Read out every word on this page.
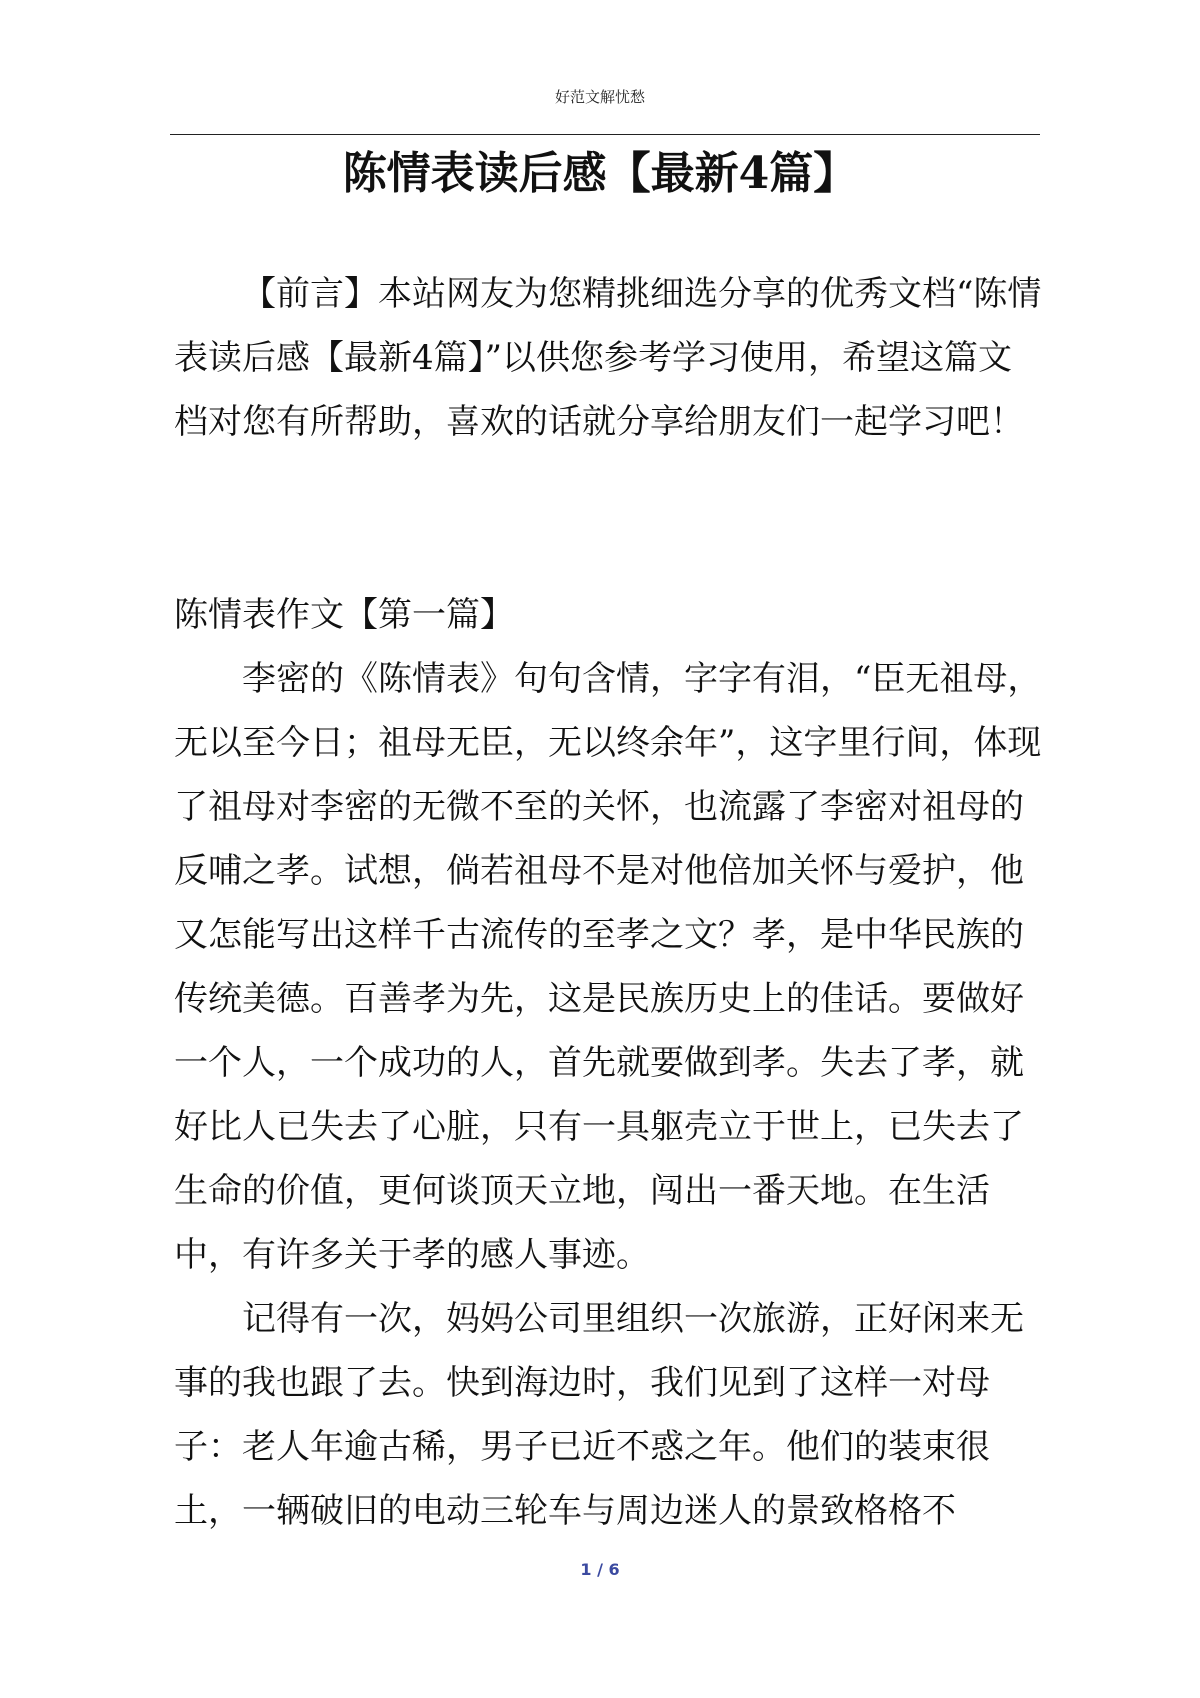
好范文解忧愁
陈情表读后感【最新4篇】

【前言】本站网友为您精挑细选分享的优秀文档“陈情表读后感【最新4篇】”以供您参考学习使用，希望这篇文档对您有所帮助，喜欢的话就分享给朋友们一起学习吧！

陈情表作文【第一篇】

李密的《陈情表》句句含情，字字有泪，“臣无祖母，无以至今日；祖母无臣，无以终余年”，这字里行间，体现了祖母对李密的无微不至的关怀，也流露了李密对祖母的反哺之孝。试想，倘若祖母不是对他倍加关怀与爱护，他又怎能写出这样千古流传的至孝之文？孝，是中华民族的传统美德。百善孝为先，这是民族历史上的佳话。要做好一个人，一个成功的人，首先就要做到孝。失去了孝，就好比人已失去了心脏，只有一具躯壳立于世上，已失去了生命的价值，更何谈顶天立地，闯出一番天地。在生活中，有许多关于孝的感人事迹。

记得有一次，妈妈公司里组织一次旅游，正好闲来无事的我也跟了去。快到海边时，我们见到了这样一对母子：老人年逾古稀，男子已近不惑之年。他们的装束很土，一辆破旧的电动三轮车与周边迷人的景致格格不

1 / 6
